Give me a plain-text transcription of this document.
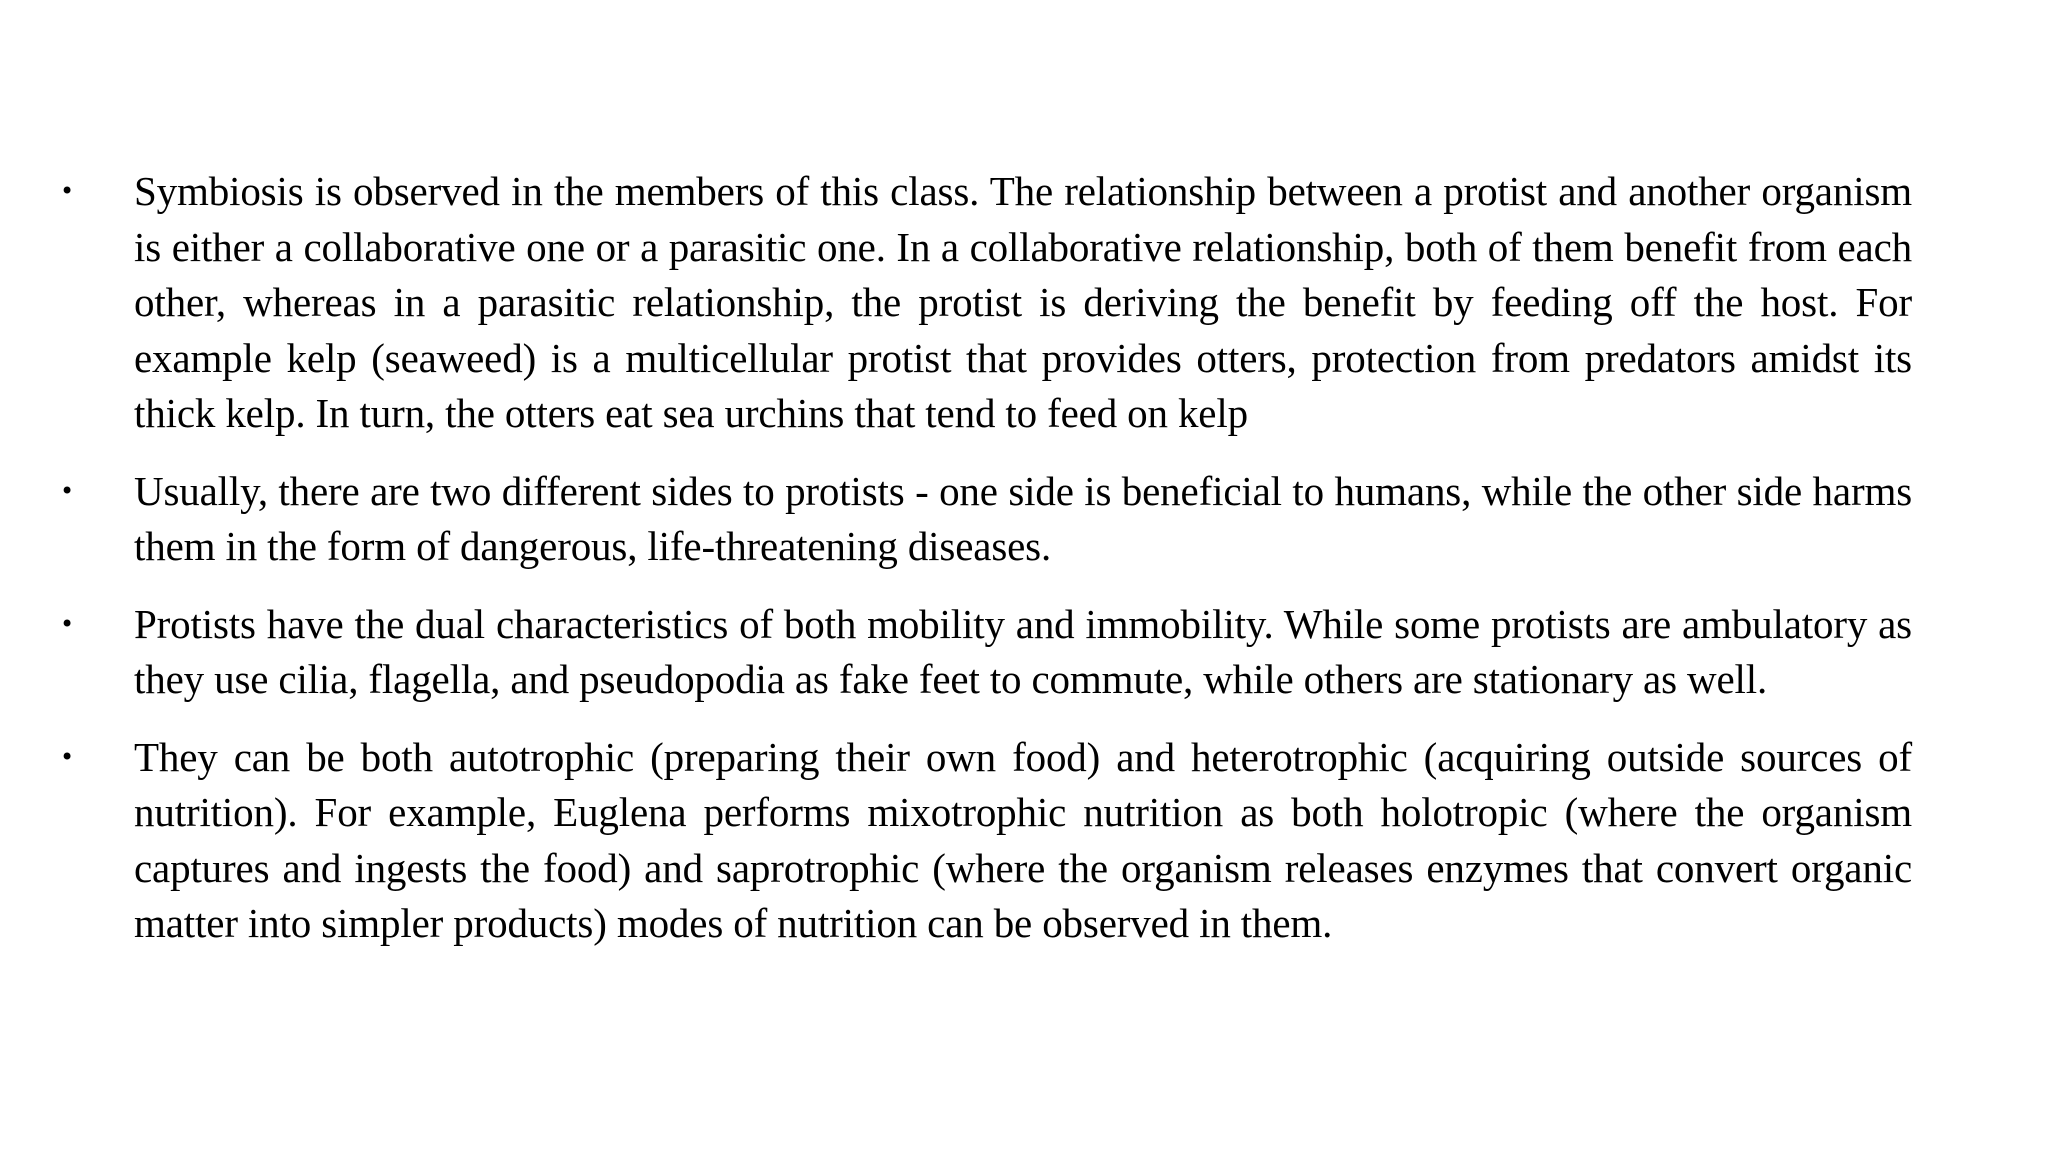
•	Symbiosis is observed in the members of this class. The relationship between a protist and another organism is either a collaborative one or a parasitic one. In a collaborative relationship, both of them benefit from each other, whereas in a parasitic relationship, the protist is deriving the benefit by feeding off the host. For example kelp (seaweed) is a multicellular protist that provides otters, protection from predators amidst its thick kelp. In turn, the otters eat sea urchins that tend to feed on kelp
•	Usually, there are two different sides to protists - one side is beneficial to humans, while the other side harms them in the form of dangerous, life-threatening diseases.
•	Protists have the dual characteristics of both mobility and immobility. While some protists are ambulatory as they use cilia, flagella, and pseudopodia as fake feet to commute, while others are stationary as well.
•	They can be both autotrophic (preparing their own food) and heterotrophic (acquiring outside sources of nutrition). For example, Euglena performs mixotrophic nutrition as both holotropic (where the organism captures and ingests the food) and saprotrophic (where the organism releases enzymes that convert organic matter into simpler products) modes of nutrition can be observed in them.
